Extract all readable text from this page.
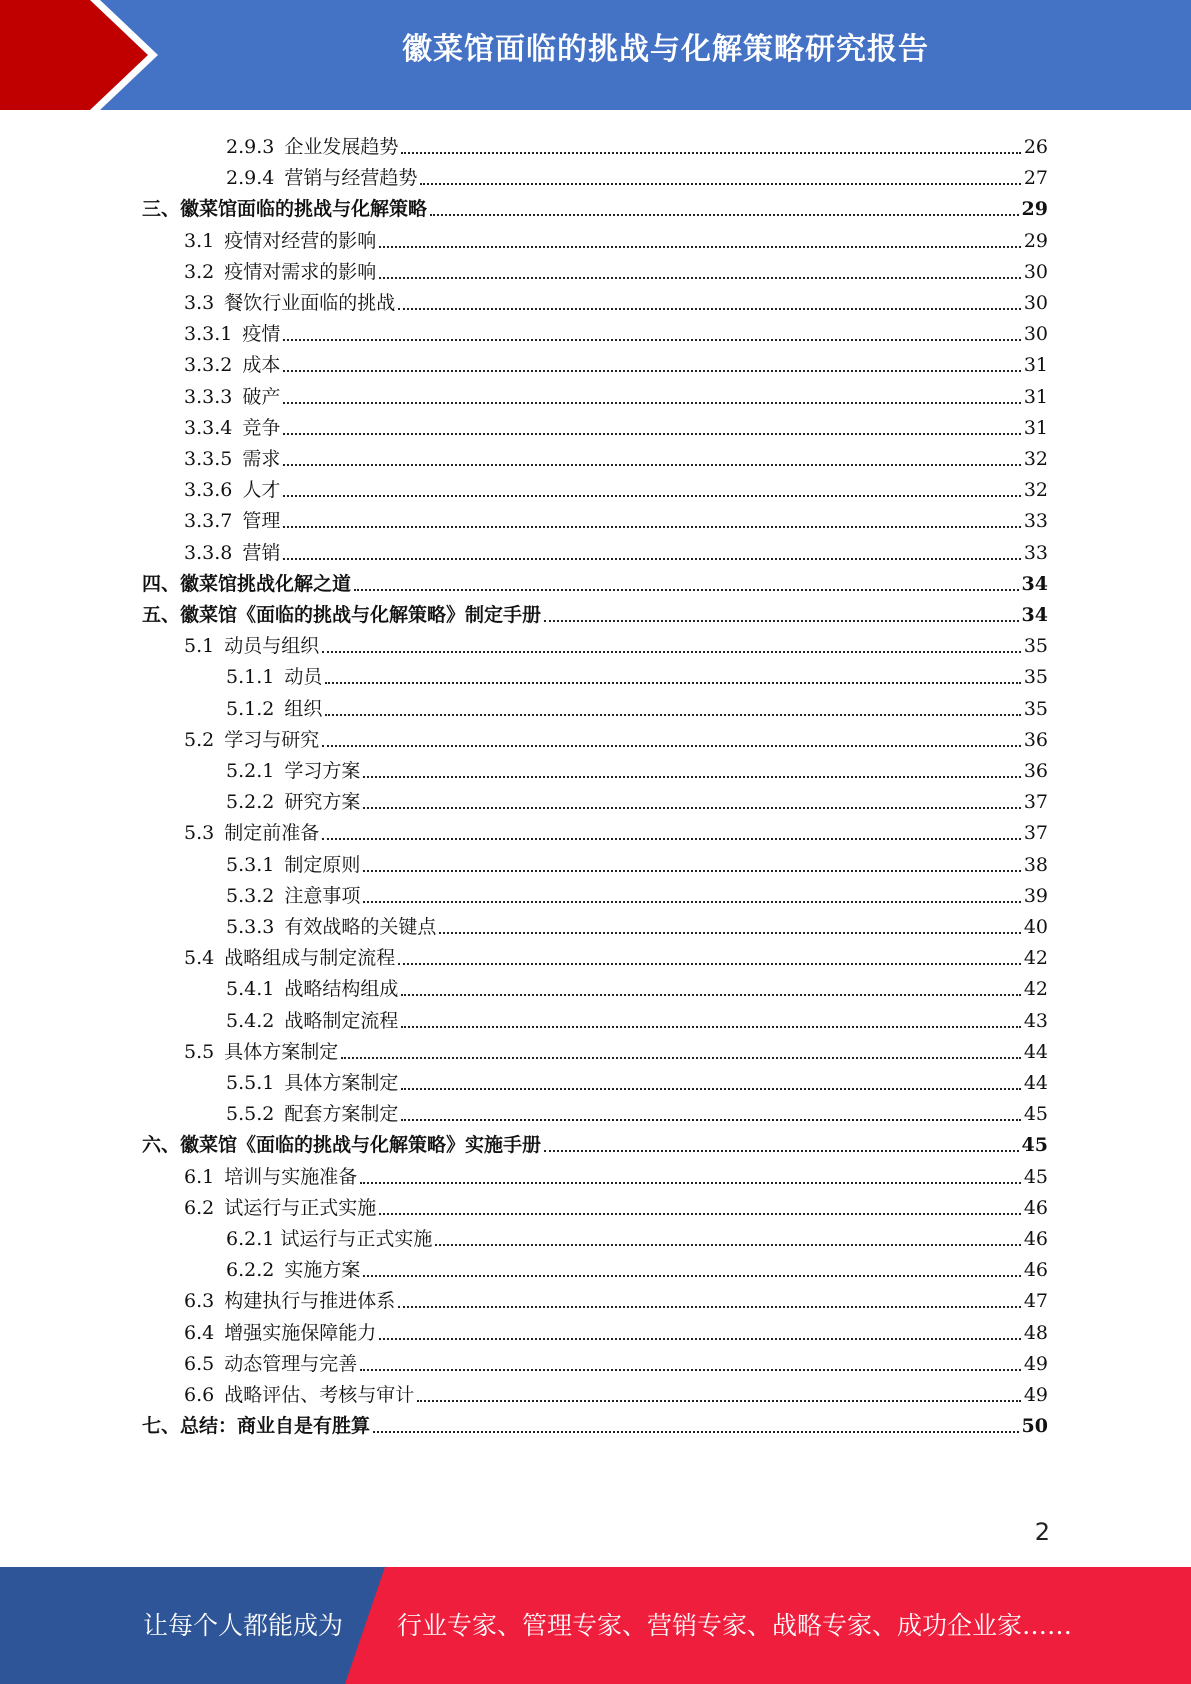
徽菜馆面临的挑战与化解策略研究报告
2.9.3 企业发展趋势	26
2.9.4 营销与经营趋势	27
三、徽菜馆面临的挑战与化解策略	29
3.1 疫情对经营的影响	29
3.2 疫情对需求的影响	30
3.3 餐饮行业面临的挑战	30
3.3.1 疫情	30
3.3.2 成本	31
3.3.3 破产	31
3.3.4 竞争	31
3.3.5 需求	32
3.3.6 人才	32
3.3.7 管理	33
3.3.8 营销	33
四、徽菜馆挑战化解之道	34
五、徽菜馆《面临的挑战与化解策略》制定手册	34
5.1 动员与组织	35
5.1.1 动员	35
5.1.2 组织	35
5.2 学习与研究	36
5.2.1 学习方案	36
5.2.2 研究方案	37
5.3 制定前准备	37
5.3.1 制定原则	38
5.3.2 注意事项	39
5.3.3 有效战略的关键点	40
5.4 战略组成与制定流程	42
5.4.1 战略结构组成	42
5.4.2 战略制定流程	43
5.5 具体方案制定	44
5.5.1 具体方案制定	44
5.5.2 配套方案制定	45
六、徽菜馆《面临的挑战与化解策略》实施手册	45
6.1 培训与实施准备	45
6.2 试运行与正式实施	46
6.2.1 试运行与正式实施	46
6.2.2 实施方案	46
6.3 构建执行与推进体系	47
6.4 增强实施保障能力	48
6.5 动态管理与完善	49
6.6 战略评估、考核与审计	49
七、总结：商业自是有胜算	50
2
让每个人都能成为 行业专家、管理专家、营销专家、战略专家、成功企业家……
